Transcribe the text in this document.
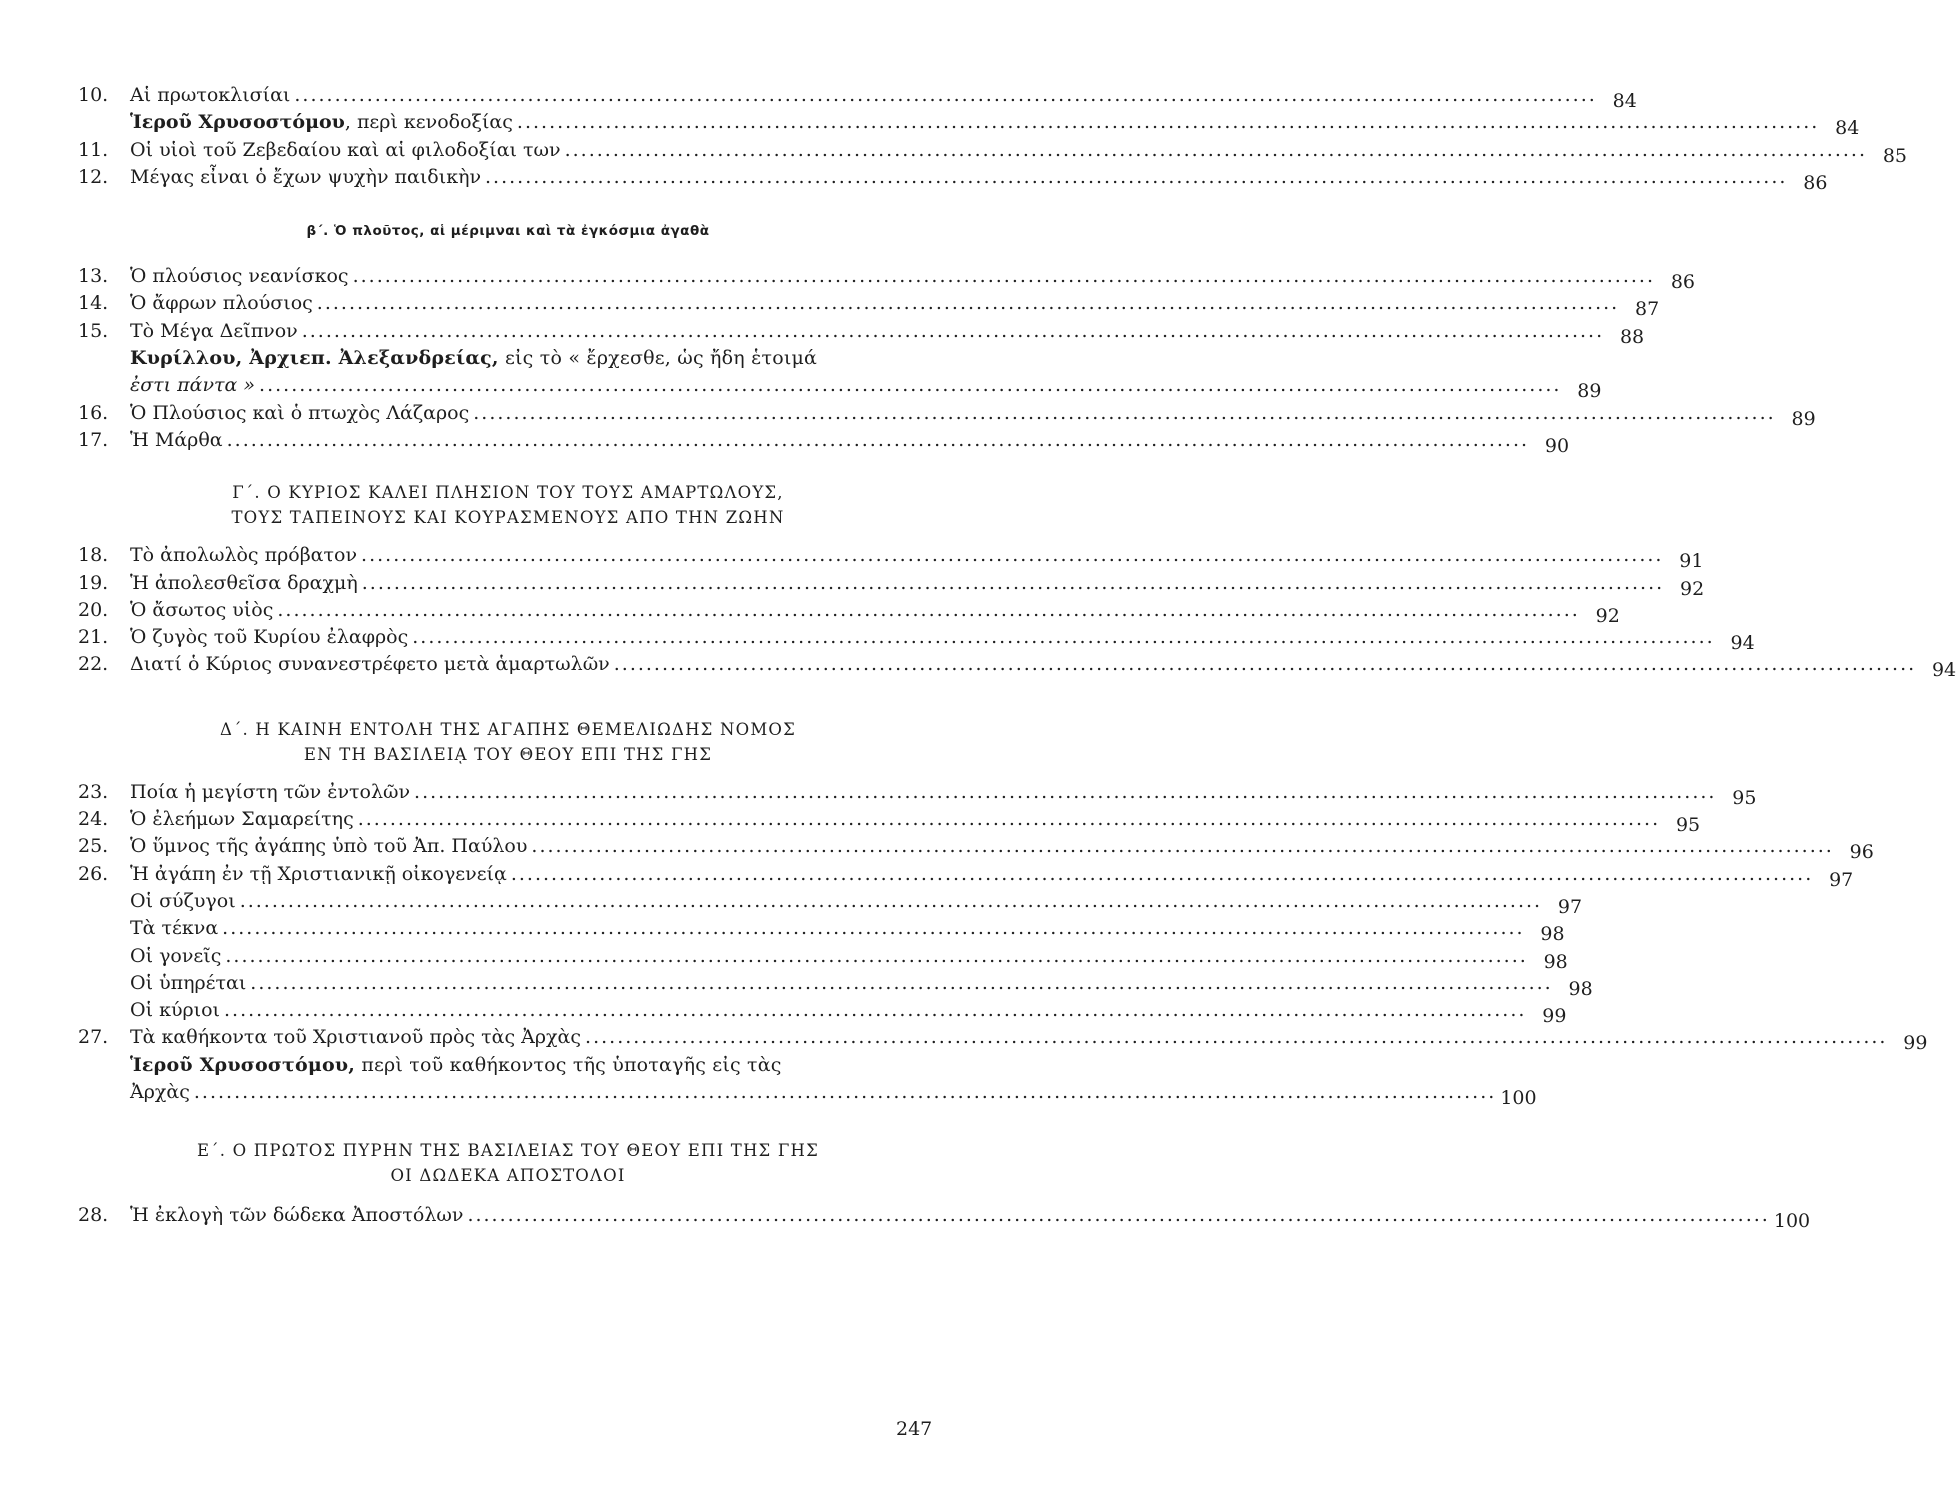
10.	Αἱ πρωτοκλισίαι .....	84
Ἱεροῦ Χρυσοστόμου, περὶ κενοδοξίας .....	84
11.	Οἱ υἱοὶ τοῦ Ζεβεδαίου καὶ αἱ φιλοδοξίαι των .....	85
12.	Μέγας εἶναι ὁ ἔχων ψυχὴν παιδικὴν .....	86
β΄. Ὁ πλοῦτος, αἱ μέριμναι καὶ τὰ ἐγκόσμια ἀγαθὰ
13.	Ὁ πλούσιος νεανίσκος .....	86
14.	Ὁ ἄφρων πλούσιος .....	87
15.	Τὸ Μέγα Δεῖπνον .....	88
Κυρίλλου, Ἀρχιεπ. Ἀλεξανδρείας, εἰς τὸ « ἔρχεσθε, ὡς ἤδη ἑτοιμά
ἐστι πάντα » .....	89
16.	Ὁ Πλούσιος καὶ ὁ πτωχὸς Λάζαρος .....	89
17.	Ἡ Μάρθα .....	90
Γ΄. Ο ΚΥΡΙΟΣ ΚΑΛΕΙ ΠΛΗΣΙΟΝ ΤΟΥ ΤΟΥΣ ΑΜΑΡΤΩΛΟΥΣ,
ΤΟΥΣ ΤΑΠΕΙΝΟΥΣ ΚΑΙ ΚΟΥΡΑΣΜΕΝΟΥΣ ΑΠΟ ΤΗΝ ΖΩΗΝ
18.	Τὸ ἀπολωλὸς πρόβατον .....	91
19.	Ἡ ἀπολεσθεῖσα δραχμὴ .....	92
20.	Ὁ ἄσωτος υἱὸς .....	92
21.	Ὁ ζυγὸς τοῦ Κυρίου ἐλαφρὸς .....	94
22.	Διατί ὁ Κύριος συνανεστρέφετο μετὰ ἁμαρτωλῶν .....	94
Δ΄. Η ΚΑΙΝΗ ΕΝΤΟΛΗ ΤΗΣ ΑΓΑΠΗΣ ΘΕΜΕΛΙΩΔΗΣ ΝΟΜΟΣ
ΕΝ ΤΗ ΒΑΣΙΛΕΙᾼ ΤΟΥ ΘΕΟΥ ΕΠΙ ΤΗΣ ΓΗΣ
23.	Ποία ἡ μεγίστη τῶν ἐντολῶν .....	95
24.	Ὁ ἐλεήμων Σαμαρείτης .....	95
25.	Ὁ ὕμνος τῆς ἀγάπης ὑπὸ τοῦ Ἀπ. Παύλου .....	96
26.	Ἡ ἀγάπη ἐν τῇ Χριστιανικῇ οἰκογενείᾳ .....	97
Οἱ σύζυγοι .....	97
Τὰ τέκνα .....	98
Οἱ γονεῖς .....	98
Οἱ ὑπηρέται .....	98
Οἱ κύριοι .....	99
27.	Τὰ καθήκοντα τοῦ Χριστιανοῦ πρὸς τὰς Ἀρχὰς .....	99
Ἱεροῦ Χρυσοστόμου, περὶ τοῦ καθήκοντος τῆς ὑποταγῆς εἰς τὰς
Ἀρχὰς .....	100
Ε΄. Ο ΠΡΩΤΟΣ ΠΥΡΗΝ ΤΗΣ ΒΑΣΙΛΕΙΑΣ ΤΟΥ ΘΕΟΥ ΕΠΙ ΤΗΣ ΓΗΣ
ΟΙ ΔΩΔΕΚΑ ΑΠΟΣΤΟΛΟΙ
28.	Ἡ ἐκλογὴ τῶν δώδεκα Ἀποστόλων .....	100
247
